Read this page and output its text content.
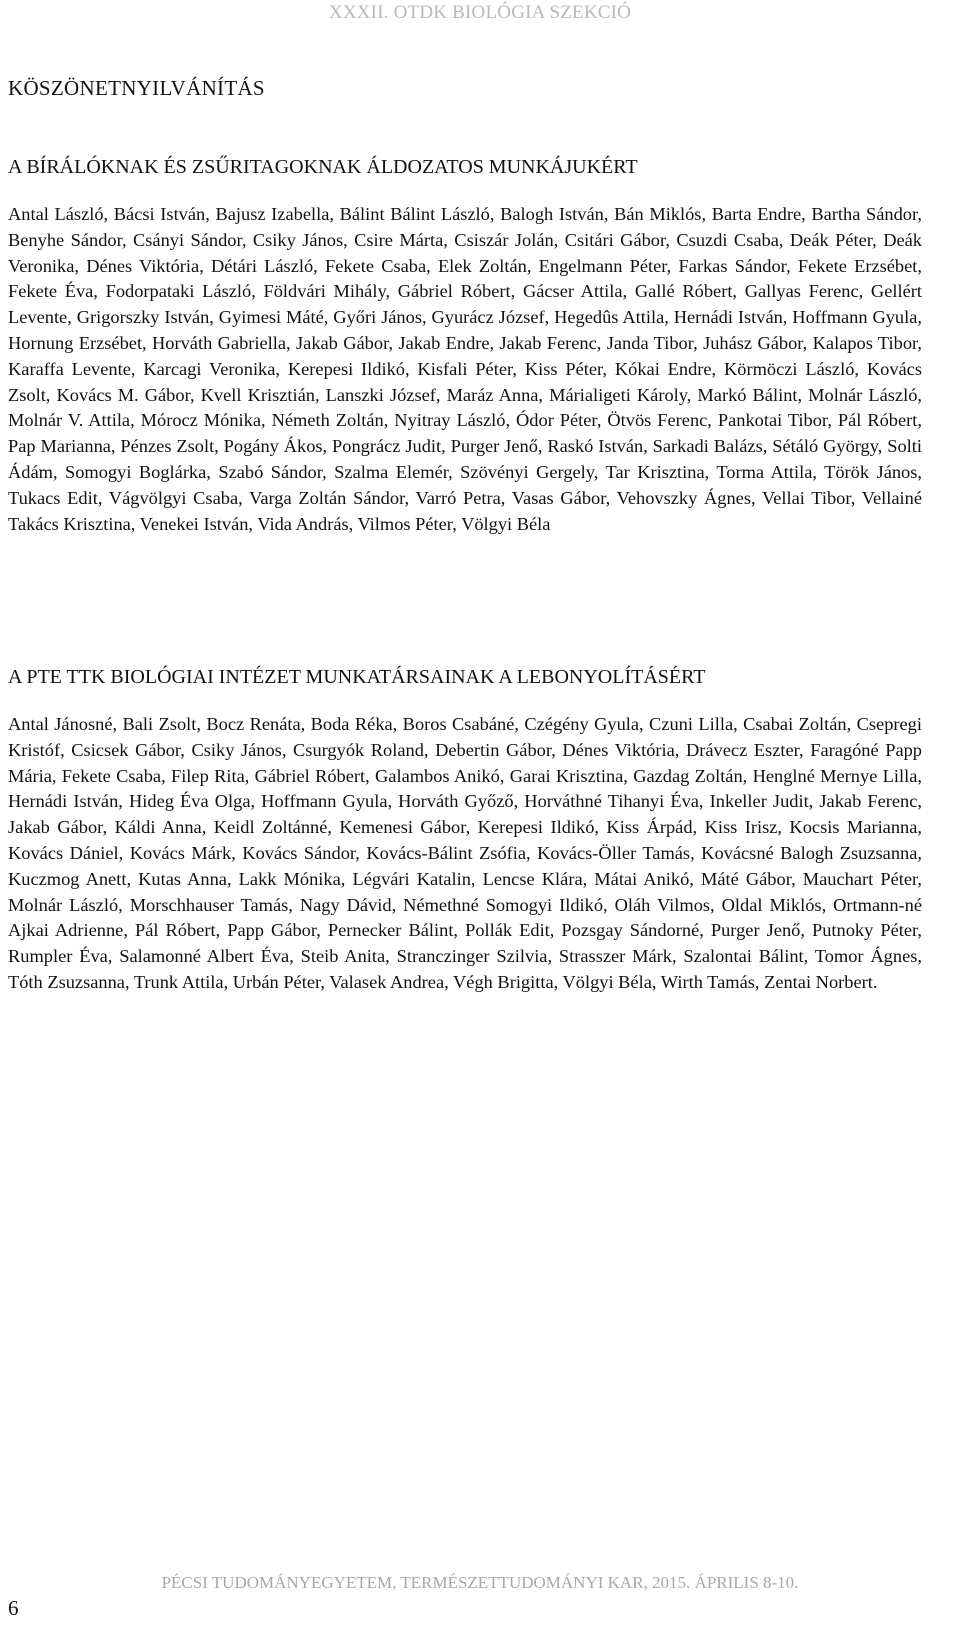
XXXII. OTDK BIOLÓGIA SZEKCIÓ
KÖSZÖNETNYILVÁNÍTÁS
A BÍRÁLÓKNAK ÉS ZSŰRITAGOKNAK ÁLDOZATOS MUNKÁJUKÉRT

Antal László, Bácsi István, Bajusz Izabella, Bálint Bálint László, Balogh István, Bán Miklós, Barta Endre, Bartha Sándor, Benyhe Sándor, Csányi Sándor, Csiky János, Csire Márta, Csiszár Jolán, Csitári Gábor, Csuzdi Csaba, Deák Péter, Deák Veronika, Dénes Viktória, Détári László, Fekete Csaba, Elek Zoltán, Engelmann Péter, Farkas Sándor, Fekete Erzsébet, Fekete Éva, Fodorpataki László, Földvári Mihály, Gábriel Róbert, Gácser Attila, Gallé Róbert, Gallyas Ferenc, Gellért Levente, Grigorszky István, Gyimesi Máté, Győri János, Gyurácz József, Hegedûs Attila, Hernádi István, Hoffmann Gyula, Hornung Erzsébet, Horváth Gabriella, Jakab Gábor, Jakab Endre, Jakab Ferenc, Janda Tibor, Juhász Gábor, Kalapos Tibor, Karaffa Levente, Karcagi Veronika, Kerepesi Ildikó, Kisfali Péter, Kiss Péter, Kókai Endre, Körmöczi László, Kovács Zsolt, Kovács M. Gábor, Kvell Krisztián, Lanszki József, Maráz Anna, Márialigeti Károly, Markó Bálint, Molnár László, Molnár V. Attila, Mórocz Mónika, Németh Zoltán, Nyitray László, Ódor Péter, Ötvös Ferenc, Pankotai Tibor, Pál Róbert, Pap Marianna, Pénzes Zsolt, Pogány Ákos, Pongrácz Judit, Purger Jenő, Raskó István, Sarkadi Balázs, Sétáló György, Solti Ádám, Somogyi Boglárka, Szabó Sándor, Szalma Elemér, Szövényi Gergely, Tar Krisztina, Torma Attila, Török János, Tukacs Edit, Vágvölgyi Csaba, Varga Zoltán Sándor, Varró Petra, Vasas Gábor, Vehovszky Ágnes, Vellai Tibor, Vellainé Takács Krisztina, Venekei István, Vida András, Vilmos Péter, Völgyi Béla

A PTE TTK BIOLÓGIAI INTÉZET MUNKATÁRSAINAK A LEBONYOLÍTÁSÉRT

Antal Jánosné, Bali Zsolt, Bocz Renáta, Boda Réka, Boros Csabáné, Czégény Gyula, Czuni Lilla, Csabai Zoltán, Csepregi Kristóf, Csicsek Gábor, Csiky János, Csurgyók Roland, Debertin Gábor, Dénes Viktória, Drávecz Eszter, Faragóné Papp Mária, Fekete Csaba, Filep Rita, Gábriel Róbert, Galambos Anikó, Garai Krisztina, Gazdag Zoltán, Henglné Mernye Lilla, Hernádi István, Hideg Éva Olga, Hoffmann Gyula, Horváth Győző, Horváthné Tihanyi Éva, Inkeller Judit, Jakab Ferenc, Jakab Gábor, Káldi Anna, Keidl Zoltánné, Kemenesi Gábor, Kerepesi Ildikó, Kiss Árpád, Kiss Irisz, Kocsis Marianna, Kovács Dániel, Kovács Márk, Kovács Sándor, Kovács-Bálint Zsófia, Kovács-Öller Tamás, Kovácsné Balogh Zsuzsanna, Kuczmog Anett, Kutas Anna, Lakk Mónika, Légvári Katalin, Lencse Klára, Mátai Anikó, Máté Gábor, Mauchart Péter, Molnár László, Morschhauser Tamás, Nagy Dávid, Némethné Somogyi Ildikó, Oláh Vilmos, Oldal Miklós, Ortmann-né Ajkai Adrienne, Pál Róbert, Papp Gábor, Pernecker Bálint, Pollák Edit, Pozsgay Sándorné, Purger Jenő, Putnoky Péter, Rumpler Éva, Salamonné Albert Éva, Steib Anita, Stranczinger Szilvia, Strasszer Márk, Szalontai Bálint, Tomor Ágnes, Tóth Zsuzsanna, Trunk Attila, Urbán Péter, Valasek Andrea, Végh Brigitta, Völgyi Béla, Wirth Tamás, Zentai Norbert.

PÉCSI TUDOMÁNYEGYETEM, TERMÉSZETTUDOMÁNYI KAR, 2015. ÁPRILIS 8-10.
6
